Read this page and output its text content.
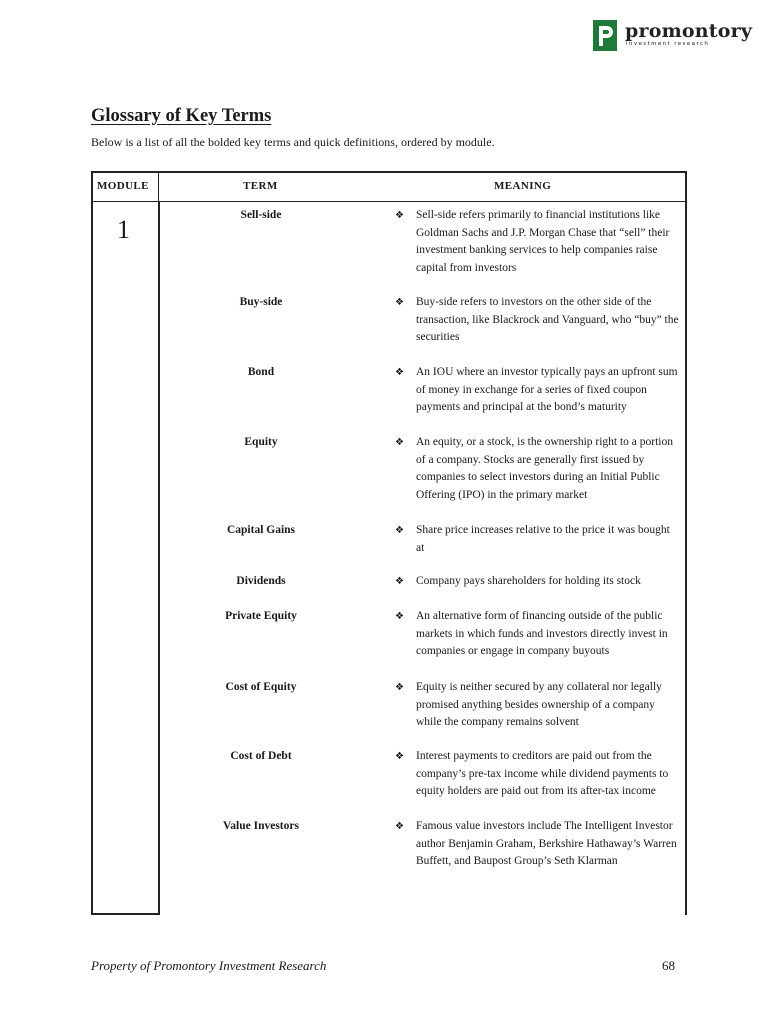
promontory
investment research
Glossary of Key Terms

Below is a list of all the bolded key terms and quick definitions, ordered by module.

MODULE	TERM	MEANING
1	Sell-side	❖ Sell-side refers primarily to financial institutions like Goldman Sachs and J.P. Morgan Chase that “sell” their investment banking services to help companies raise capital from investors

Buy-side	❖ Buy-side refers to investors on the other side of the transaction, like Blackrock and Vanguard, who “buy” the securities

Bond	❖ An IOU where an investor typically pays an upfront sum of money in exchange for a series of fixed coupon payments and principal at the bond’s maturity

Equity	❖ An equity, or a stock, is the ownership right to a portion of a company. Stocks are generally first issued by companies to select investors during an Initial Public Offering (IPO) in the primary market

Capital Gains	❖ Share price increases relative to the price it was bought at

Dividends	❖ Company pays shareholders for holding its stock

Private Equity	❖ An alternative form of financing outside of the public markets in which funds and investors directly invest in companies or engage in company buyouts

Cost of Equity	❖ Equity is neither secured by any collateral nor legally promised anything besides ownership of a company while the company remains solvent

Cost of Debt	❖ Interest payments to creditors are paid out from the company’s pre-tax income while dividend payments to equity holders are paid out from its after-tax income

Value Investors	❖ Famous value investors include The Intelligent Investor author Benjamin Graham, Berkshire Hathaway’s Warren Buffett, and Baupost Group’s Seth Klarman

Property of Promontory Investment Research	68
